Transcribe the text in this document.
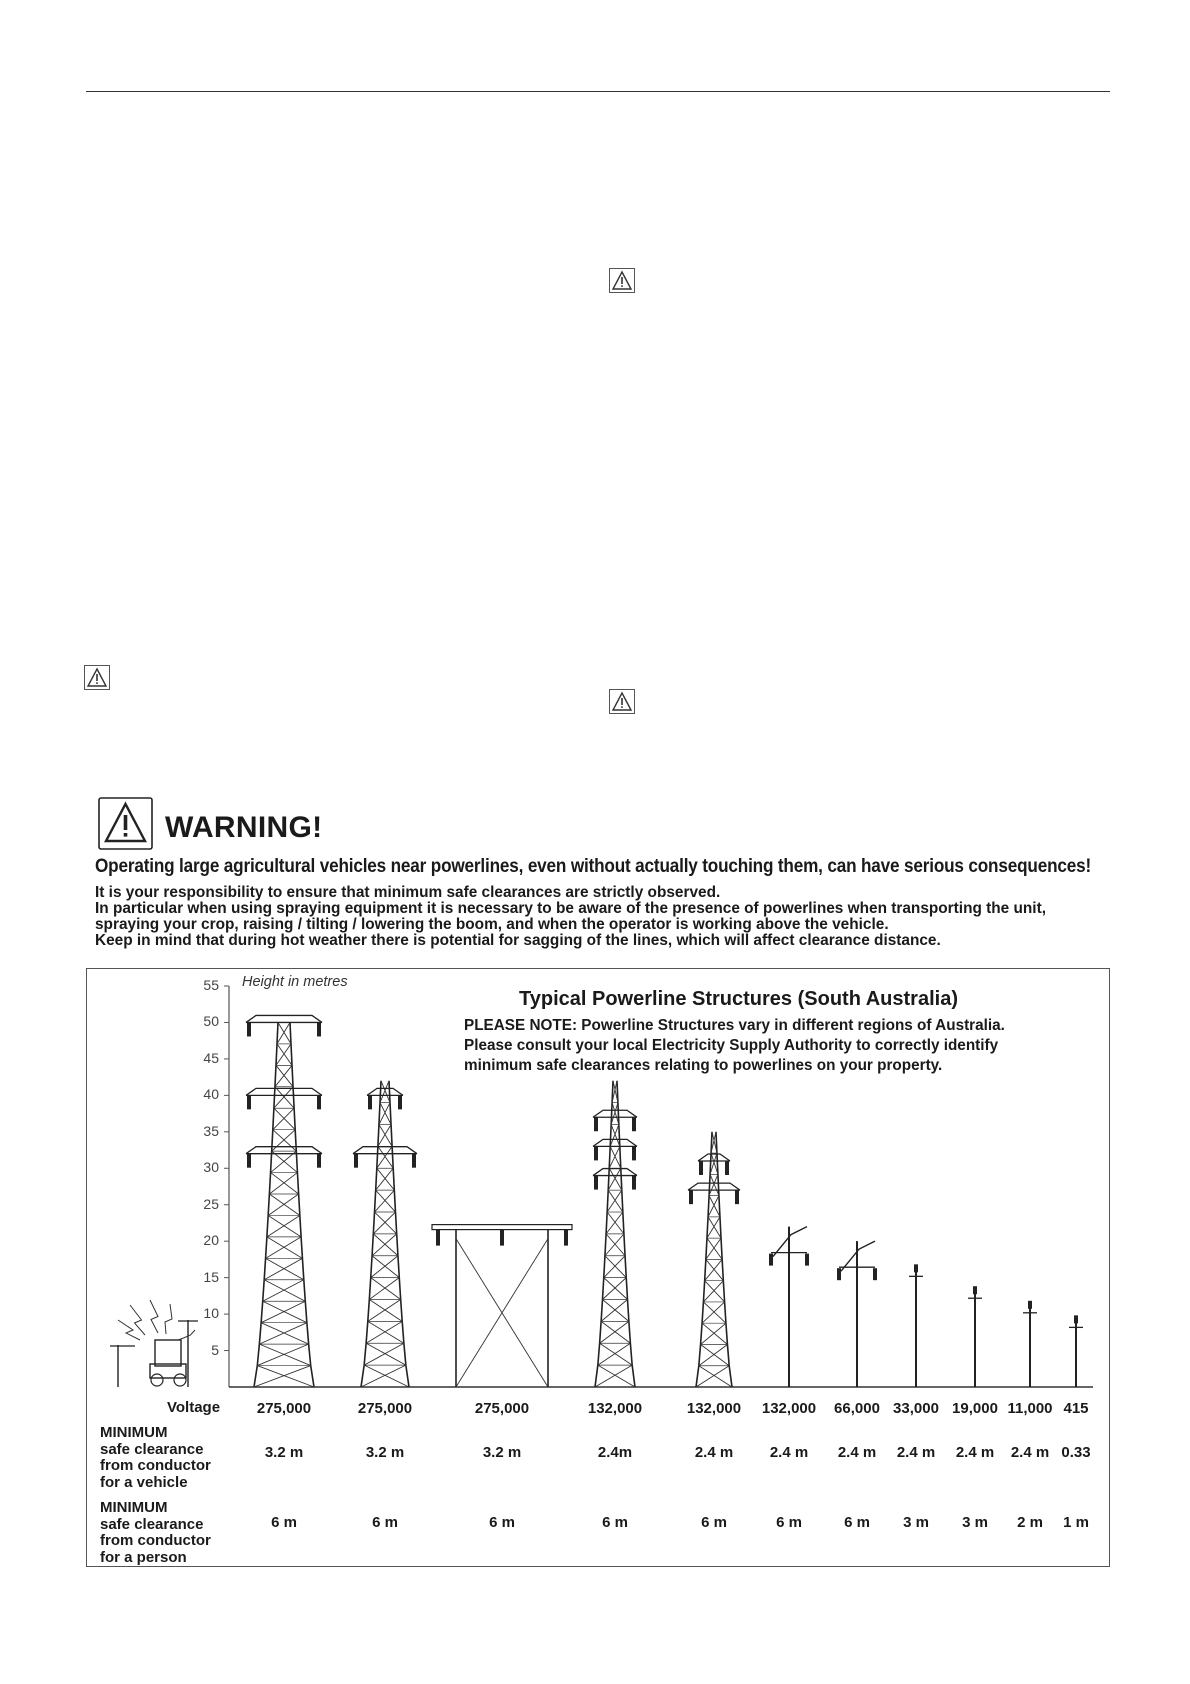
WARNING!
Operating large agricultural vehicles near powerlines, even without actually touching them, can have serious consequences!
It is your responsibility to ensure that minimum safe clearances are strictly observed.
In particular when using spraying equipment it is necessary to be aware of the presence of powerlines when transporting the unit,
spraying your crop, raising / tilting / lowering the boom, and when the operator is working above the vehicle.
Keep in mind that during hot weather there is potential for sagging of the lines, which will affect clearance distance.
Typical Powerline Structures (South Australia)
PLEASE NOTE: Powerline Structures vary in different regions of Australia.
Please consult your local Electricity Supply Authority to correctly identify
minimum safe clearances relating to powerlines on your property.
Height in metres
5
10
15
20
25
30
35
40
45
50
55
Voltage
MINIMUM
safe clearance
from conductor
for a vehicle
MINIMUM
safe clearance
from conductor
for a person
275,000
3.2 m
6 m
275,000
3.2 m
6 m
275,000
3.2 m
6 m
132,000
2.4m
6 m
132,000
2.4 m
6 m
132,000
2.4 m
6 m
66,000
2.4 m
6 m
33,000
2.4 m
3 m
19,000
2.4 m
3 m
11,000
2.4 m
2 m
415
0.33
1 m
